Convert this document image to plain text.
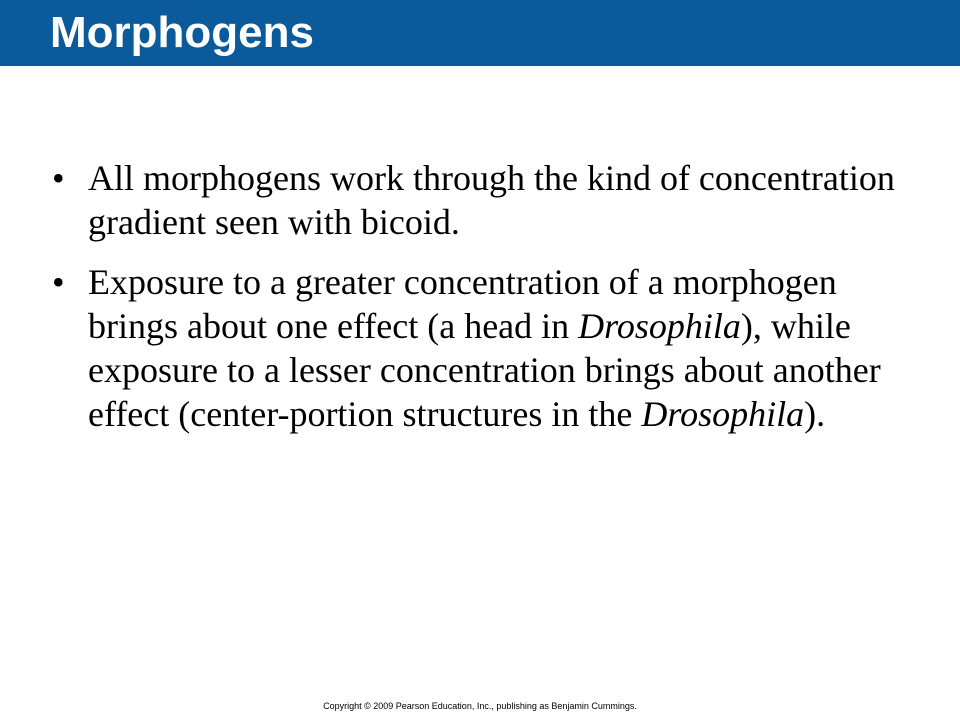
Morphogens
• All morphogens work through the kind of concentration gradient seen with bicoid.
• Exposure to a greater concentration of a morphogen brings about one effect (a head in Drosophila), while exposure to a lesser concentration brings about another effect (center-portion structures in the Drosophila).
Copyright © 2009 Pearson Education, Inc., publishing as Benjamin Cummings.
